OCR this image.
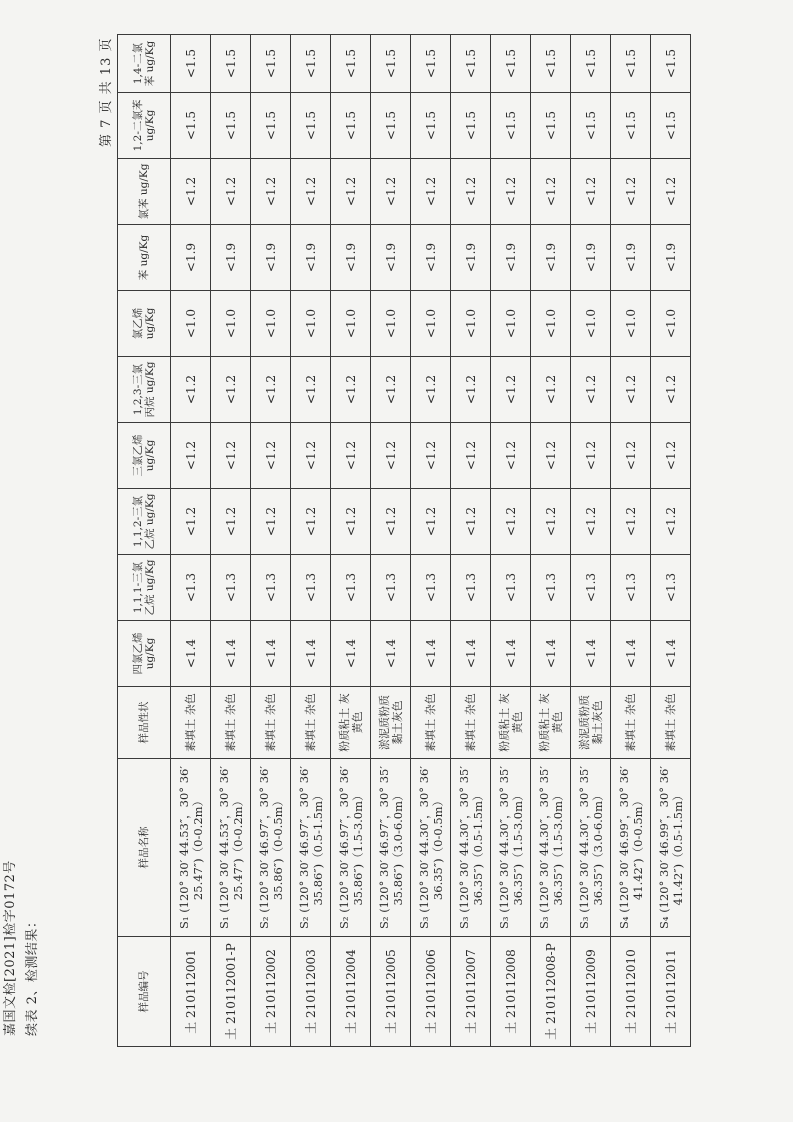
嘉国文检[2021]检字0172号 续表 2、检测结果：
第 7 页 共 13 页
样品编号	样品名称	样品性状	四氯乙烯 ug/Kg	1,1,1-三氯乙烷 ug/Kg	1,1,2-三氯乙烷 ug/Kg	三氯乙烯 ug/Kg	1,2,3-三氯丙烷 ug/Kg	氯乙烯 ug/Kg	苯 ug/Kg	氯苯 ug/Kg	1,2-二氯苯 ug/Kg	1,4-二氯苯 ug/Kg
土 210112001	S₁ (120° 30′ 44.53″，30° 36′ 25.47″)（0-0.2m）	素填土 杂色	<1.4	<1.3	<1.2	<1.2	<1.2	<1.0	<1.9	<1.2	<1.5	<1.5
土 210112001-P	S₁ (120° 30′ 44.53″，30° 36′ 25.47″)（0-0.2m）	素填土 杂色	<1.4	<1.3	<1.2	<1.2	<1.2	<1.0	<1.9	<1.2	<1.5	<1.5
土 210112002	S₂ (120° 30′ 46.97″，30° 36′ 35.86″)（0-0.5m）	素填土 杂色	<1.4	<1.3	<1.2	<1.2	<1.2	<1.0	<1.9	<1.2	<1.5	<1.5
土 210112003	S₂ (120° 30′ 46.97″，30° 36′ 35.86″)（0.5-1.5m）	素填土 杂色	<1.4	<1.3	<1.2	<1.2	<1.2	<1.0	<1.9	<1.2	<1.5	<1.5
土 210112004	S₂ (120° 30′ 46.97″，30° 36′ 35.86″)（1.5-3.0m）	粉质粘土 灰黄色	<1.4	<1.3	<1.2	<1.2	<1.2	<1.0	<1.9	<1.2	<1.5	<1.5
土 210112005	S₂ (120° 30′ 46.97″，30° 35′ 35.86″)（3.0-6.0m）	淤泥质粉质 黏土灰色	<1.4	<1.3	<1.2	<1.2	<1.2	<1.0	<1.9	<1.2	<1.5	<1.5
土 210112006	S₃ (120° 30′ 44.30″，30° 36′ 36.35″)（0-0.5m）	素填土 杂色	<1.4	<1.3	<1.2	<1.2	<1.2	<1.0	<1.9	<1.2	<1.5	<1.5
土 210112007	S₃ (120° 30′ 44.30″，30° 35′ 36.35″)（0.5-1.5m）	素填土 杂色	<1.4	<1.3	<1.2	<1.2	<1.2	<1.0	<1.9	<1.2	<1.5	<1.5
土 210112008	S₃ (120° 30′ 44.30″，30° 35′ 36.35″)（1.5-3.0m）	粉质粘土 灰黄色	<1.4	<1.3	<1.2	<1.2	<1.2	<1.0	<1.9	<1.2	<1.5	<1.5
土 210112008-P	S₃ (120° 30′ 44.30″，30° 35′ 36.35″)（1.5-3.0m）	粉质粘土 灰黄色	<1.4	<1.3	<1.2	<1.2	<1.2	<1.0	<1.9	<1.2	<1.5	<1.5
土 210112009	S₃ (120° 30′ 44.30″，30° 35′ 36.35″)（3.0-6.0m）	淤泥质粉质 黏土灰色	<1.4	<1.3	<1.2	<1.2	<1.2	<1.0	<1.9	<1.2	<1.5	<1.5
土 210112010	S₄ (120° 30′ 46.99″，30° 36′ 41.42″)（0-0.5m）	素填土 杂色	<1.4	<1.3	<1.2	<1.2	<1.2	<1.0	<1.9	<1.2	<1.5	<1.5
土 210112011	S₄ (120° 30′ 46.99″，30° 36′ 41.42″)（0.5-1.5m）	素填土 杂色	<1.4	<1.3	<1.2	<1.2	<1.2	<1.0	<1.9	<1.2	<1.5	<1.5
